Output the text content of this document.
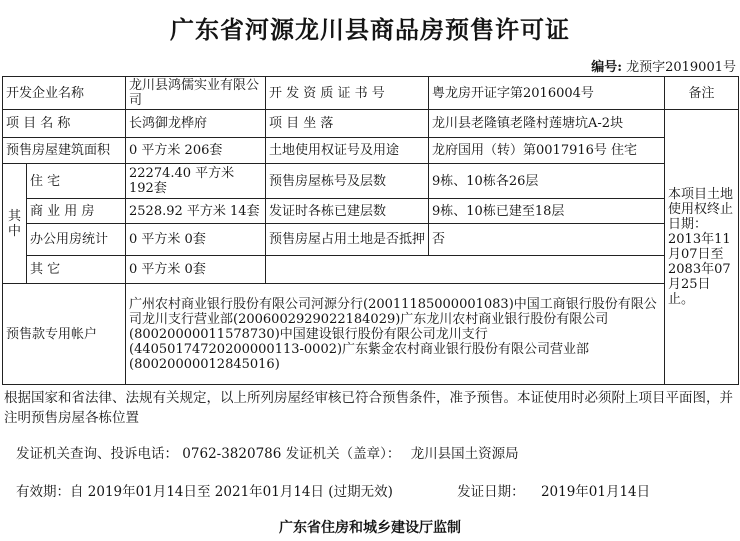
广东省河源龙川县商品房预售许可证
编号: 龙预字2019001号
开发企业名称		龙川县鸿儒实业有限公司	开 发 资 质 证 书 号	粤龙房开证字第2016004号	备注
项 目 名 称		长鸿御龙桦府	项 目 坐 落	龙川县老隆镇老隆村莲塘坑A-2块	本项目土地使用权终止日期：2013年11月07日至2083年07月25日止。
预售房屋建筑面积		0 平方米 206套	土地使用权证号及用途	龙府国用（转）第0017916号 住宅	
其中	住 宅	22274.40 平方米 192套	预售房屋栋号及层数	9栋、10栋各26层	
	商 业 用 房	2528.92 平方米 14套	发证时各栋已建层数	9栋、10栋已建至18层	
	办公用房统计	0 平方米 0套	预售房屋占用土地是否抵押	否	
	其 它	0 平方米 0套			
预售款专用帐户		广州农村商业银行股份有限公司河源分行(20011185000001083)中国工商银行股份有限公司龙川支行营业部(2006002929022184029)广东龙川农村商业银行股份有限公司(80020000011578730)中国建设银行股份有限公司龙川支行(44050174720200000113-0002)广东紫金农村商业银行股份有限公司营业部(80020000012845016)			
根据国家和省法律、法规有关规定，以上所列房屋经审核已符合预售条件，准予预售。本证使用时必须附上项目平面图，并注明预售房屋各栋位置
发证机关查询、投诉电话： 0762-3820786 发证机关（盖章）： 龙川县国土资源局
有效期：自 2019年01月14日至 2021年01月14日 (过期无效)	发证日期： 2019年01月14日
广东省住房和城乡建设厅监制
